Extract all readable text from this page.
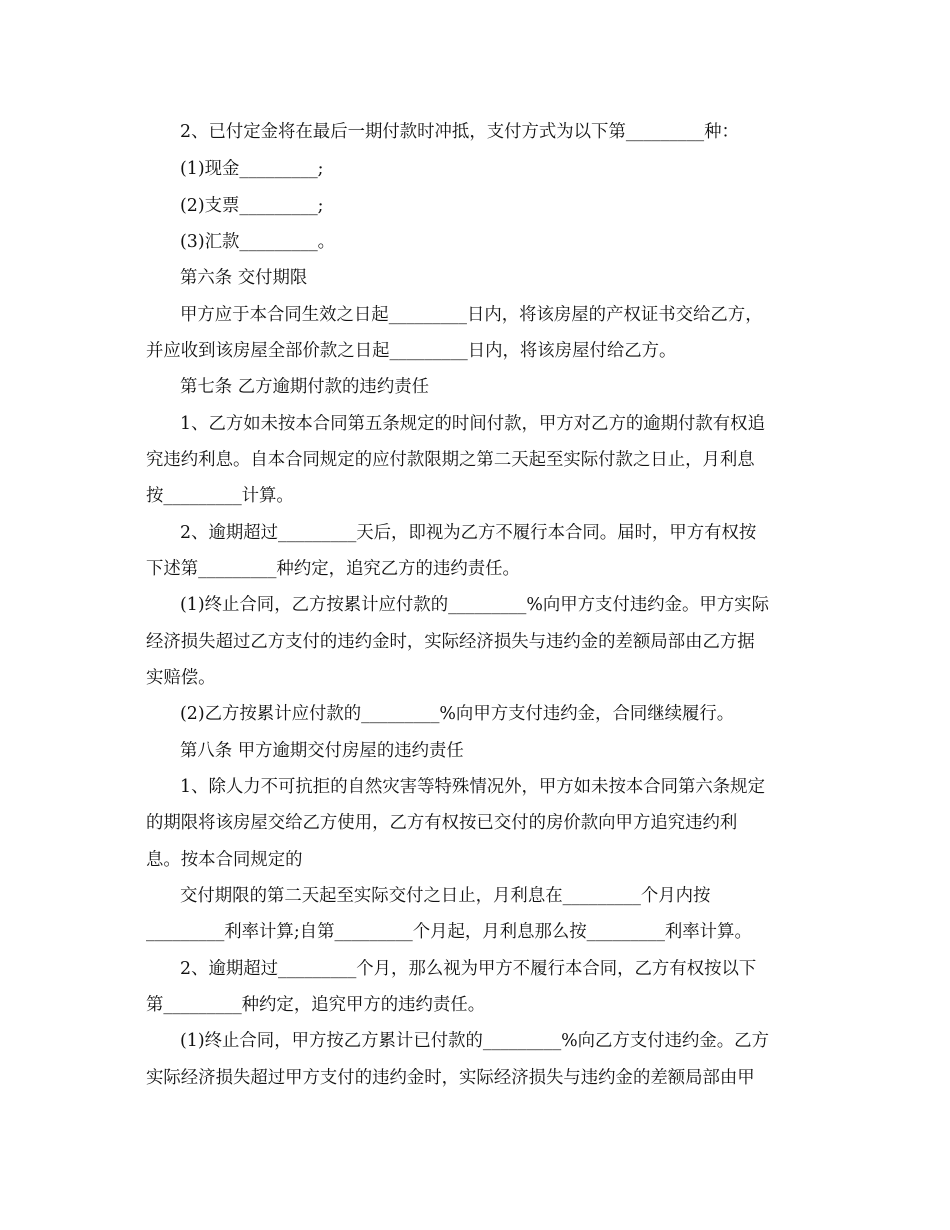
2、已付定金将在最后一期付款时冲抵，支付方式为以下第_________种：
(1)现金_________;
(2)支票_________;
(3)汇款_________。
第六条 交付期限
甲方应于本合同生效之日起_________日内，将该房屋的产权证书交给乙方，
并应收到该房屋全部价款之日起_________日内，将该房屋付给乙方。
第七条 乙方逾期付款的违约责任
1、乙方如未按本合同第五条规定的时间付款，甲方对乙方的逾期付款有权追
究违约利息。自本合同规定的应付款限期之第二天起至实际付款之日止，月利息
按_________计算。
2、逾期超过_________天后，即视为乙方不履行本合同。届时，甲方有权按
下述第_________种约定，追究乙方的违约责任。
(1)终止合同，乙方按累计应付款的_________%向甲方支付违约金。甲方实际
经济损失超过乙方支付的违约金时，实际经济损失与违约金的差额局部由乙方据
实赔偿。
(2)乙方按累计应付款的_________%向甲方支付违约金，合同继续履行。
第八条 甲方逾期交付房屋的违约责任
1、除人力不可抗拒的自然灾害等特殊情况外，甲方如未按本合同第六条规定
的期限将该房屋交给乙方使用，乙方有权按已交付的房价款向甲方追究违约利
息。按本合同规定的
交付期限的第二天起至实际交付之日止，月利息在_________个月内按
_________利率计算;自第_________个月起，月利息那么按_________利率计算。
2、逾期超过_________个月，那么视为甲方不履行本合同，乙方有权按以下
第_________种约定，追究甲方的违约责任。
(1)终止合同，甲方按乙方累计已付款的_________%向乙方支付违约金。乙方
实际经济损失超过甲方支付的违约金时，实际经济损失与违约金的差额局部由甲
